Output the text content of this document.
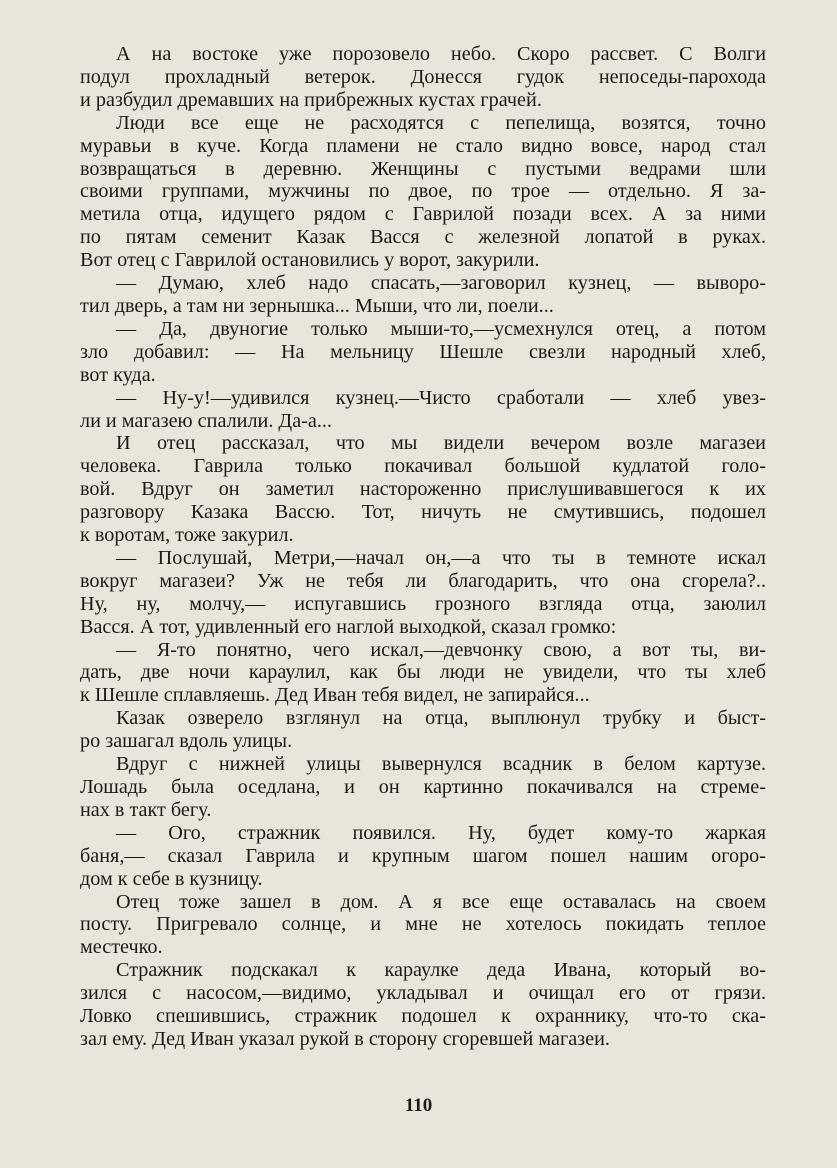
А на востоке уже порозовело небо. Скоро рассвет. С Волги
подул прохладный ветерок. Донесся гудок непоседы-парохода
и разбудил дремавших на прибрежных кустах грачей.
Люди все еще не расходятся с пепелища, возятся, точно
муравьи в куче. Когда пламени не стало видно вовсе, народ стал
возвращаться в деревню. Женщины с пустыми ведрами шли
своими группами, мужчины по двое, по трое — отдельно. Я за-
метила отца, идущего рядом с Гаврилой позади всех. А за ними
по пятам семенит Казак Васся с железной лопатой в руках.
Вот отец с Гаврилой остановились у ворот, закурили.
— Думаю, хлеб надо спасать,—заговорил кузнец, — выворо-
тил дверь, а там ни зернышка... Мыши, что ли, поели...
— Да, двуногие только мыши-то,—усмехнулся отец, а потом
зло добавил: — На мельницу Шешле свезли народный хлеб,
вот куда.
— Ну-у!—удивился кузнец.—Чисто сработали — хлеб увез-
ли и магазею спалили. Да-а...
И отец рассказал, что мы видели вечером возле магазеи
человека. Гаврила только покачивал большой кудлатой голо-
вой. Вдруг он заметил настороженно прислушивавшегося к их
разговору Казака Вассю. Тот, ничуть не смутившись, подошел
к воротам, тоже закурил.
— Послушай, Метри,—начал он,—а что ты в темноте искал
вокруг магазеи? Уж не тебя ли благодарить, что она сгорела?..
Ну, ну, молчу,— испугавшись грозного взгляда отца, заюлил
Васся. А тот, удивленный его наглой выходкой, сказал громко:
— Я-то понятно, чего искал,—девчонку свою, а вот ты, ви-
дать, две ночи караулил, как бы люди не увидели, что ты хлеб
к Шешле сплавляешь. Дед Иван тебя видел, не запирайся...
Казак озверело взглянул на отца, выплюнул трубку и быст-
ро зашагал вдоль улицы.
Вдруг с нижней улицы вывернулся всадник в белом картузе.
Лошадь была оседлана, и он картинно покачивался на стреме-
нах в такт бегу.
— Ого, стражник появился. Ну, будет кому-то жаркая
баня,— сказал Гаврила и крупным шагом пошел нашим огоро-
дом к себе в кузницу.
Отец тоже зашел в дом. А я все еще оставалась на своем
посту. Пригревало солнце, и мне не хотелось покидать теплое
местечко.
Стражник подскакал к караулке деда Ивана, который во-
зился с насосом,—видимо, укладывал и очищал его от грязи.
Ловко спешившись, стражник подошел к охраннику, что-то ска-
зал ему. Дед Иван указал рукой в сторону сгоревшей магазеи.
110
